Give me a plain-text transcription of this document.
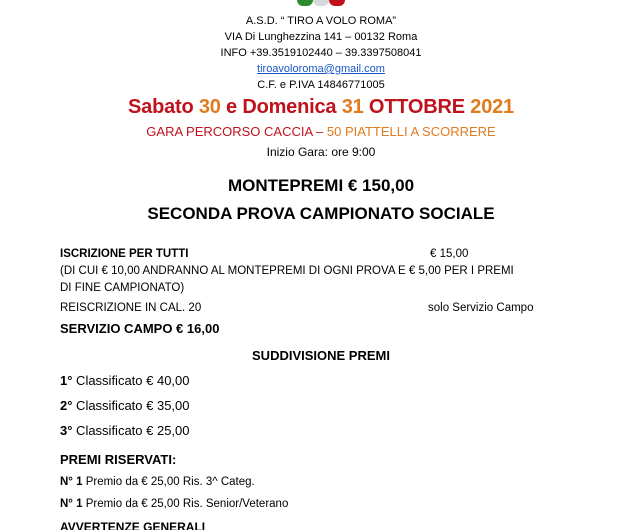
A.S.D. “ TIRO A VOLO ROMA”
VIA Di Lunghezzina 141 – 00132 Roma
INFO +39.3519102440 – 39.3397508041
tiroavoloroma@gmail.com
C.F. e P.IVA 14846771005
Sabato 30 e Domenica 31 OTTOBRE 2021
GARA PERCORSO CACCIA – 50 PIATTELLI A SCORRERE
Inizio Gara: ore 9:00
MONTEPREMI € 150,00
SECONDA PROVA CAMPIONATO SOCIALE
ISCRIZIONE PER TUTTI	€ 15,00
(DI CUI € 10,00 ANDRANNO AL MONTEPREMI DI OGNI PROVA E € 5,00 PER I PREMI
DI FINE CAMPIONATO)
REISCRIZIONE IN CAL. 20	solo Servizio Campo
SERVIZIO CAMPO € 16,00
SUDDIVISIONE PREMI
1° Classificato € 40,00
2° Classificato € 35,00
3° Classificato € 25,00
PREMI RISERVATI:
N° 1 Premio da € 25,00 Ris. 3^ Categ.
N° 1 Premio da € 25,00 Ris. Senior/Veterano
AVVERTENZE GENERALI
